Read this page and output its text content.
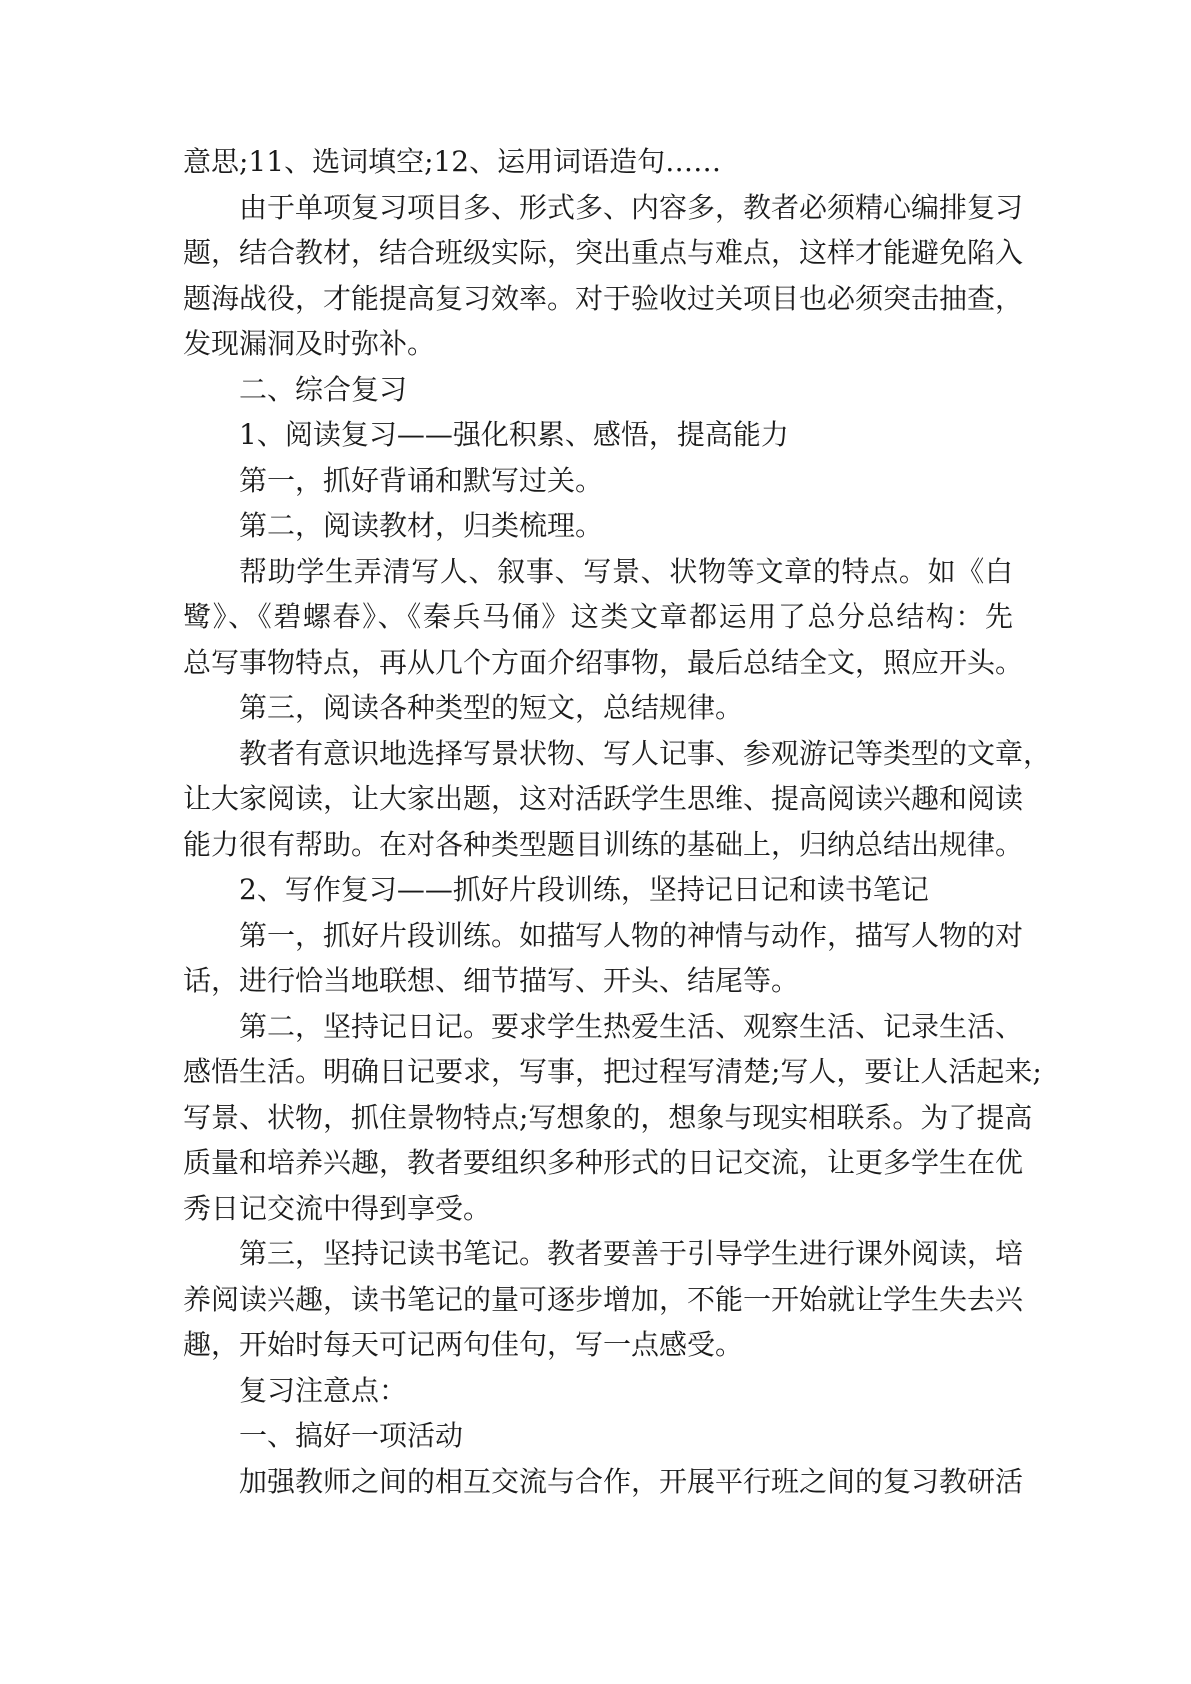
意思;11、选词填空;12、运用词语造句……

由于单项复习项目多、形式多、内容多，教者必须精心编排复习

题，结合教材，结合班级实际，突出重点与难点，这样才能避免陷入

题海战役，才能提高复习效率。对于验收过关项目也必须突击抽查，

发现漏洞及时弥补。

二、综合复习

1、阅读复习——强化积累、感悟，提高能力

第一，抓好背诵和默写过关。

第二，阅读教材，归类梳理。

帮助学生弄清写人、叙事、写景、状物等文章的特点。如《白

鹭》、《碧螺春》、《秦兵马俑》这类文章都运用了总分总结构：先

总写事物特点，再从几个方面介绍事物，最后总结全文，照应开头。

第三，阅读各种类型的短文，总结规律。

教者有意识地选择写景状物、写人记事、参观游记等类型的文章，

让大家阅读，让大家出题，这对活跃学生思维、提高阅读兴趣和阅读

能力很有帮助。在对各种类型题目训练的基础上，归纳总结出规律。

2、写作复习——抓好片段训练，坚持记日记和读书笔记

第一，抓好片段训练。如描写人物的神情与动作，描写人物的对

话，进行恰当地联想、细节描写、开头、结尾等。

第二，坚持记日记。要求学生热爱生活、观察生活、记录生活、

感悟生活。明确日记要求，写事，把过程写清楚;写人，要让人活起来;

写景、状物，抓住景物特点;写想象的，想象与现实相联系。为了提高

质量和培养兴趣，教者要组织多种形式的日记交流，让更多学生在优

秀日记交流中得到享受。

第三，坚持记读书笔记。教者要善于引导学生进行课外阅读，培

养阅读兴趣，读书笔记的量可逐步增加，不能一开始就让学生失去兴

趣，开始时每天可记两句佳句，写一点感受。

复习注意点：

一、搞好一项活动

加强教师之间的相互交流与合作，开展平行班之间的复习教研活
